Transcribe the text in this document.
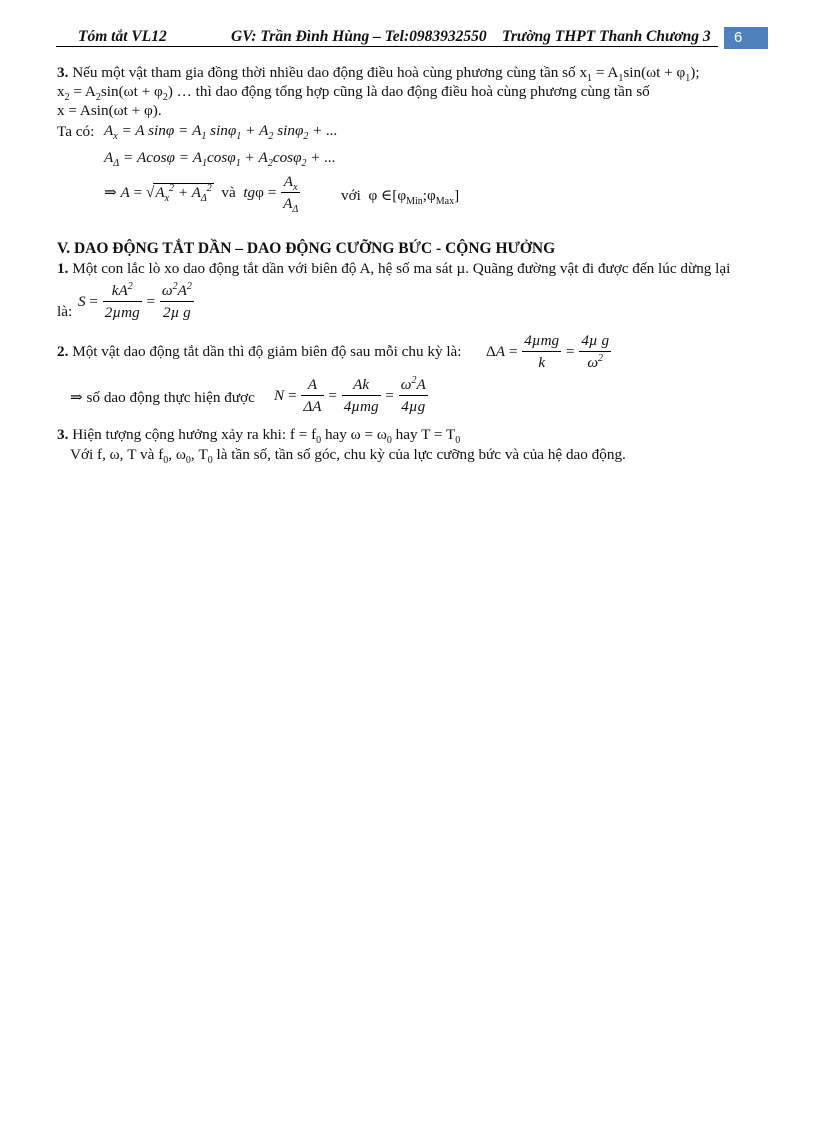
Tóm tắt VL12	GV: Trần Đình Hùng – Tel:0983932550 Trường THPT Thanh Chương 3	6
3. Nếu một vật tham gia đồng thời nhiều dao động điều hoà cùng phương cùng tần số $x_1 = A_1\sin(\omega t + \varphi_1)$;
$x_2 = A_2\sin(\omega t + \varphi_2)$ … thì dao động tổng hợp cũng là dao động điều hoà cùng phương cùng tần số
x = Asin(ωt + φ).
Ta có: $A_x = A$ $\sin\varphi = A_1$ $\sin\varphi_1 + A_2$ sinφ$_2$ + ...
$A_\Delta = Acos\varphi = A_1\cos\varphi_1 + A_2\cos\varphi_2$ + ...
⇒ $A = √A_x^2 + A_\Delta^2$ và $tg\varphi = \frac{A_x}{A_\Delta}$	với φ $\in[\varphi_{Min};\varphi_{Max}]$
V. DAO ĐỘNG TẮT DẦN – DAO ĐỘNG CƯỠNG BỨC - CỘNG HƯỞNG
1. Một con lắc lò xo dao động tắt dần với biên độ A, hệ số ma sát µ. Quãng đường vật đi được đến lúc dừng lại
là:
$S = \frac{kA^2}{\text{2µmg}} = \frac{\omega^2A^2}{\text{2µ g}}$
2. Một vật dao động tắt dần thì độ giảm biên độ sau mỗi chu kỳ là: $\Delta A = \frac{\text{4µmg}}{k} = \frac{\text{4µ g}}{\omega^2}$
⇒ số dao động thực hiện được $N = \frac{A}{\Delta A} = \frac{Ak}{\text{4µmg}} = \frac{\omega^2A}{\text{4µg}}$
3. Hiện tượng cộng hưởng xảy ra khi: $f = f_0$ hay $\omega = \omega_0$ hay $T = T_0$
Với f, ω, T và $f_0$, $\omega_0$, $T_0$ là tần số, tần số góc, chu kỳ của lực cưỡng bức và của hệ dao động.
